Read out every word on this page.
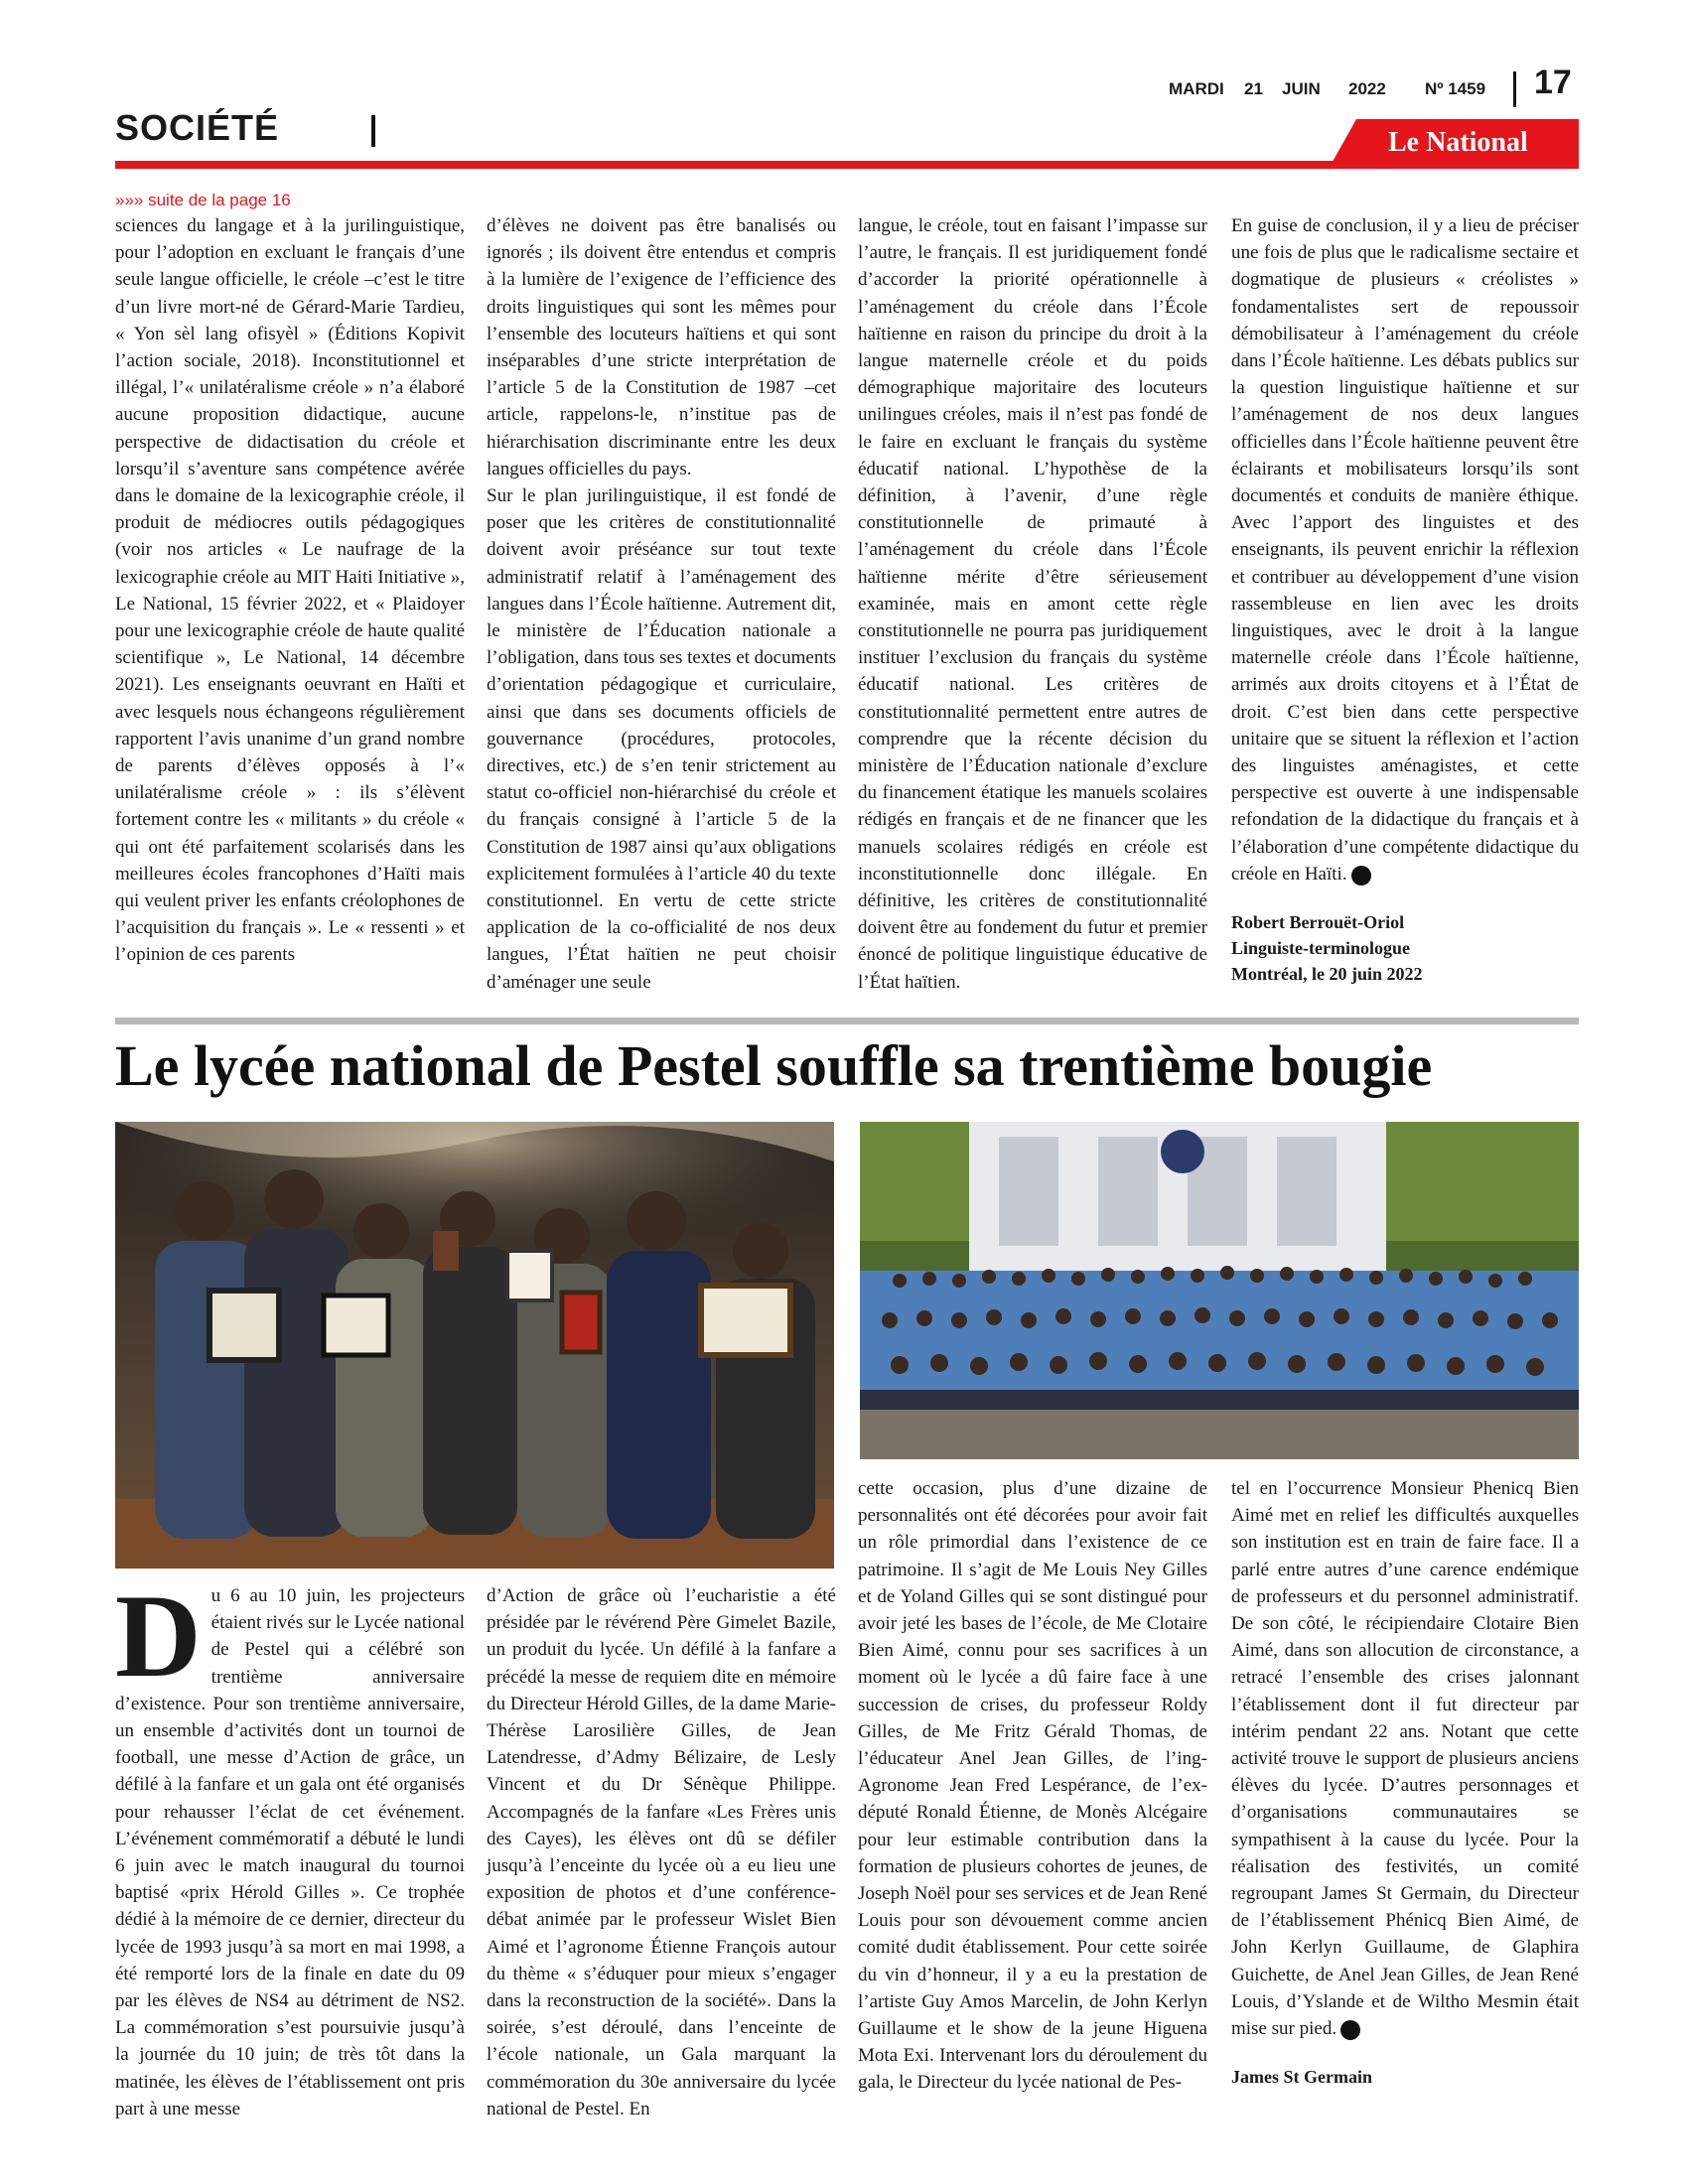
SOCIÉTÉ
MARDI 21 JUIN 2022 Nº 1459 17
Le National
»»» suite de la page 16

sciences du langage et à la jurilinguistique, pour l’adoption en excluant le français d’une seule langue officielle, le créole –c’est le titre d’un livre mort-né de Gérard-Marie Tardieu, « Yon sèl lang ofisyèl » (Éditions Kopivit l’action sociale, 2018). Inconstitutionnel et illégal, l’« unilatéralisme créole » n’a élaboré aucune proposition didactique, aucune perspective de didactisation du créole et lorsqu’il s’aventure sans compétence avérée dans le domaine de la lexicographie créole, il produit de médiocres outils pédagogiques (voir nos articles « Le naufrage de la lexicographie créole au MIT Haiti Initiative », Le National, 15 février 2022, et « Plaidoyer pour une lexicographie créole de haute qualité scientifique », Le National, 14 décembre 2021). Les enseignants oeuvrant en Haïti et avec lesquels nous échangeons régulièrement rapportent l’avis unanime d’un grand nombre de parents d’élèves opposés à l’« unilatéralisme créole » : ils s’élèvent fortement contre les « militants » du créole « qui ont été parfaitement scolarisés dans les meilleures écoles francophones d’Haïti mais qui veulent priver les enfants créolophones de l’acquisition du français ». Le « ressenti » et l’opinion de ces parents

d’élèves ne doivent pas être banalisés ou ignorés ; ils doivent être entendus et compris à la lumière de l’exigence de l’efficience des droits linguistiques qui sont les mêmes pour l’ensemble des locuteurs haïtiens et qui sont inséparables d’une stricte interprétation de l’article 5 de la Constitution de 1987 –cet article, rappelons-le, n’institue pas de hiérarchisation discriminante entre les deux langues officielles du pays.

Sur le plan jurilinguistique, il est fondé de poser que les critères de constitutionnalité doivent avoir préséance sur tout texte administratif relatif à l’aménagement des langues dans l’École haïtienne. Autrement dit, le ministère de l’Éducation nationale a l’obligation, dans tous ses textes et documents d’orientation pédagogique et curriculaire, ainsi que dans ses documents officiels de gouvernance (procédures, protocoles, directives, etc.) de s’en tenir strictement au statut co-officiel non-hiérarchisé du créole et du français consigné à l’article 5 de la Constitution de 1987 ainsi qu’aux obligations explicitement formulées à l’article 40 du texte constitutionnel. En vertu de cette stricte application de la co-officialité de nos deux langues, l’État haïtien ne peut choisir d’aménager une seule

langue, le créole, tout en faisant l’impasse sur l’autre, le français. Il est juridiquement fondé d’accorder la priorité opérationnelle à l’aménagement du créole dans l’École haïtienne en raison du principe du droit à la langue maternelle créole et du poids démographique majoritaire des locuteurs unilingues créoles, mais il n’est pas fondé de le faire en excluant le français du système éducatif national. L’hypothèse de la définition, à l’avenir, d’une règle constitutionnelle de primauté à l’aménagement du créole dans l’École haïtienne mérite d’être sérieusement examinée, mais en amont cette règle constitutionnelle ne pourra pas juridiquement instituer l’exclusion du français du système éducatif national. Les critères de constitutionnalité permettent entre autres de comprendre que la récente décision du ministère de l’Éducation nationale d’exclure du financement étatique les manuels scolaires rédigés en français et de ne financer que les manuels scolaires rédigés en créole est inconstitutionnelle donc illégale. En définitive, les critères de constitutionnalité doivent être au fondement du futur et premier énoncé de politique linguistique éducative de l’État haïtien.

En guise de conclusion, il y a lieu de préciser une fois de plus que le radicalisme sectaire et dogmatique de plusieurs « créolistes » fondamentalistes sert de repoussoir démobilisateur à l’aménagement du créole dans l’École haïtienne. Les débats publics sur la question linguistique haïtienne et sur l’aménagement de nos deux langues officielles dans l’École haïtienne peuvent être éclairants et mobilisateurs lorsqu’ils sont documentés et conduits de manière éthique. Avec l’apport des linguistes et des enseignants, ils peuvent enrichir la réflexion et contribuer au développement d’une vision rassembleuse en lien avec les droits linguistiques, avec le droit à la langue maternelle créole dans l’École haïtienne, arrimés aux droits citoyens et à l’État de droit. C’est bien dans cette perspective unitaire que se situent la réflexion et l’action des linguistes aménagistes, et cette perspective est ouverte à une indispensable refondation de la didactique du français et à l’élaboration d’une compétente didactique du créole en Haïti.

Robert Berrouët-Oriol
Linguiste-terminologue
Montréal, le 20 juin 2022
Le lycée national de Pestel souffle sa trentième bougie
D u 6 au 10 juin, les projecteurs étaient rivés sur le Lycée national de Pestel qui a célébré son trentième anniversaire d’existence. Pour son trentième anniversaire, un ensemble d’activités dont un tournoi de football, une messe d’Action de grâce, un défilé à la fanfare et un gala ont été organisés pour rehausser l’éclat de cet événement. L’événement commémoratif a débuté le lundi 6 juin avec le match inaugural du tournoi baptisé «prix Hérold Gilles ». Ce trophée dédié à la mémoire de ce dernier, directeur du lycée de 1993 jusqu’à sa mort en mai 1998, a été remporté lors de la finale en date du 09 par les élèves de NS4 au détriment de NS2. La commémoration s’est poursuivie jusqu’à la journée du 10 juin; de très tôt dans la matinée, les élèves de l’établissement ont pris part à une messe

d’Action de grâce où l’eucharistie a été présidée par le révérend Père Gimelet Bazile, un produit du lycée. Un défilé à la fanfare a précédé la messe de requiem dite en mémoire du Directeur Hérold Gilles, de la dame Marie-Thérèse Larosilière Gilles, de Jean Latendresse, d’Admy Bélizaire, de Lesly Vincent et du Dr Sénèque Philippe. Accompagnés de la fanfare «Les Frères unis des Cayes), les élèves ont dû se défiler jusqu’à l’enceinte du lycée où a eu lieu une exposition de photos et d’une conférence-débat animée par le professeur Wislet Bien Aimé et l’agronome Étienne François autour du thème « s’éduquer pour mieux s’engager dans la reconstruction de la société». Dans la soirée, s’est déroulé, dans l’enceinte de l’école nationale, un Gala marquant la commémoration du 30e anniversaire du lycée national de Pestel. En

cette occasion, plus d’une dizaine de personnalités ont été décorées pour avoir fait un rôle primordial dans l’existence de ce patrimoine. Il s’agit de Me Louis Ney Gilles et de Yoland Gilles qui se sont distingué pour avoir jeté les bases de l’école, de Me Clotaire Bien Aimé, connu pour ses sacrifices à un moment où le lycée a dû faire face à une succession de crises, du professeur Roldy Gilles, de Me Fritz Gérald Thomas, de l’éducateur Anel Jean Gilles, de l’ing-Agronome Jean Fred Lespérance, de l’ex-député Ronald Étienne, de Monès Alcégaire pour leur estimable contribution dans la formation de plusieurs cohortes de jeunes, de Joseph Noël pour ses services et de Jean René Louis pour son dévouement comme ancien comité dudit établissement. Pour cette soirée du vin d’honneur, il y a eu la prestation de l’artiste Guy Amos Marcelin, de John Kerlyn Guillaume et le show de la jeune Higuena Mota Exi. Intervenant lors du déroulement du gala, le Directeur du lycée national de Pes-

tel en l’occurrence Monsieur Phenicq Bien Aimé met en relief les difficultés auxquelles son institution est en train de faire face. Il a parlé entre autres d’une carence endémique de professeurs et du personnel administratif. De son côté, le récipiendaire Clotaire Bien Aimé, dans son allocution de circonstance, a retracé l’ensemble des crises jalonnant l’établissement dont il fut directeur par intérim pendant 22 ans. Notant que cette activité trouve le support de plusieurs anciens élèves du lycée. D’autres personnages et d’organisations communautaires se sympathisent à la cause du lycée. Pour la réalisation des festivités, un comité regroupant James St Germain, du Directeur de l’établissement Phénicq Bien Aimé, de John Kerlyn Guillaume, de Glaphira Guichette, de Anel Jean Gilles, de Jean René Louis, d’Yslande et de Wiltho Mesmin était mise sur pied.

James St Germain
